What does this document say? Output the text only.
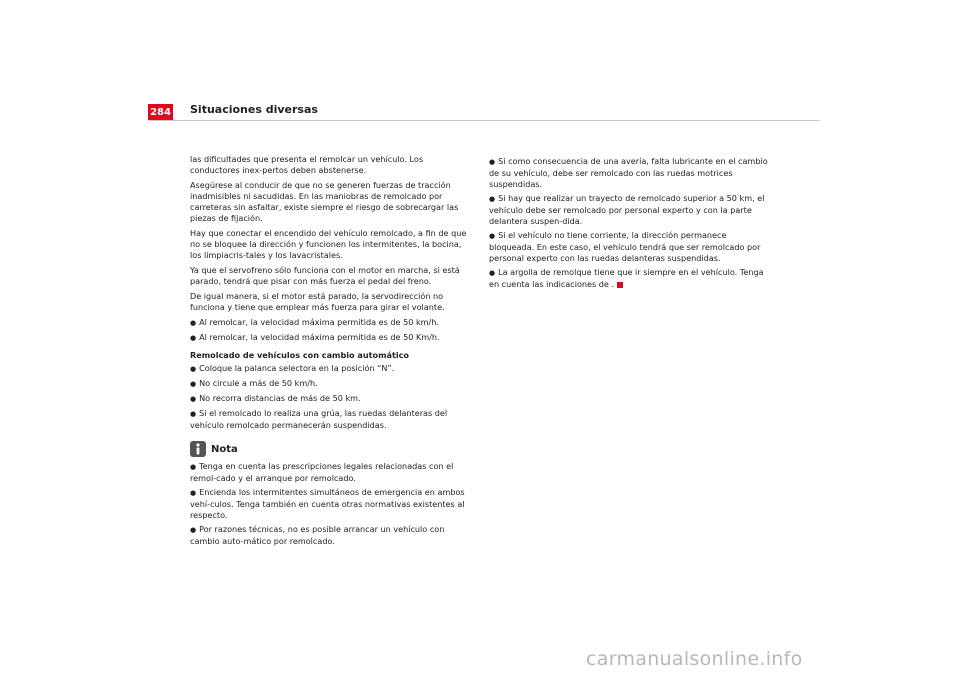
284 Situaciones diversas

las dificultades que presenta el remolcar un vehículo. Los conductores inex-pertos deben abstenerse.

Asegúrese al conducir de que no se generen fuerzas de tracción inadmisibles ni sacudidas. En las maniobras de remolcado por carreteras sin asfaltar, existe siempre el riesgo de sobrecargar las piezas de fijación.

Hay que conectar el encendido del vehículo remolcado, a fin de que no se bloquee la dirección y funcionen los intermitentes, la bocina, los limpiacris-tales y los lavacristales.

Ya que el servofreno sólo funciona con el motor en marcha, si está parado, tendrá que pisar con más fuerza el pedal del freno.

De igual manera, si el motor está parado, la servodirección no funciona y tiene que emplear más fuerza para girar el volante.

● Al remolcar, la velocidad máxima permitida es de 50 km/h.
● Al remolcar, la velocidad máxima permitida es de 50 Km/h.
Remolcado de vehículos con cambio automático
● Coloque la palanca selectora en la posición “N”.
● No circule a más de 50 km/h.
● No recorra distancias de más de 50 km.
● Si el remolcado lo realiza una grúa, las ruedas delanteras del vehículo remolcado permanecerán suspendidas.
Nota
● Tenga en cuenta las prescripciones legales relacionadas con el remol-cado y el arranque por remolcado.
● Encienda los intermitentes simultáneos de emergencia en ambos vehí-culos. Tenga también en cuenta otras normativas existentes al respecto.
● Por razones técnicas, no es posible arrancar un vehículo con cambio auto-mático por remolcado.
● Si como consecuencia de una avería, falta lubricante en el cambio de su vehículo, debe ser remolcado con las ruedas motrices suspendidas.
● Si hay que realizar un trayecto de remolcado superior a 50 km, el vehículo debe ser remolcado por personal experto y con la parte delantera suspen-dida.
● Si el vehículo no tiene corriente, la dirección permanece bloqueada. En este caso, el vehículo tendrá que ser remolcado por personal experto con las ruedas delanteras suspendidas.
● La argolla de remolque tiene que ir siempre en el vehículo. Tenga en cuenta las indicaciones de .
carmanualsonline.info
